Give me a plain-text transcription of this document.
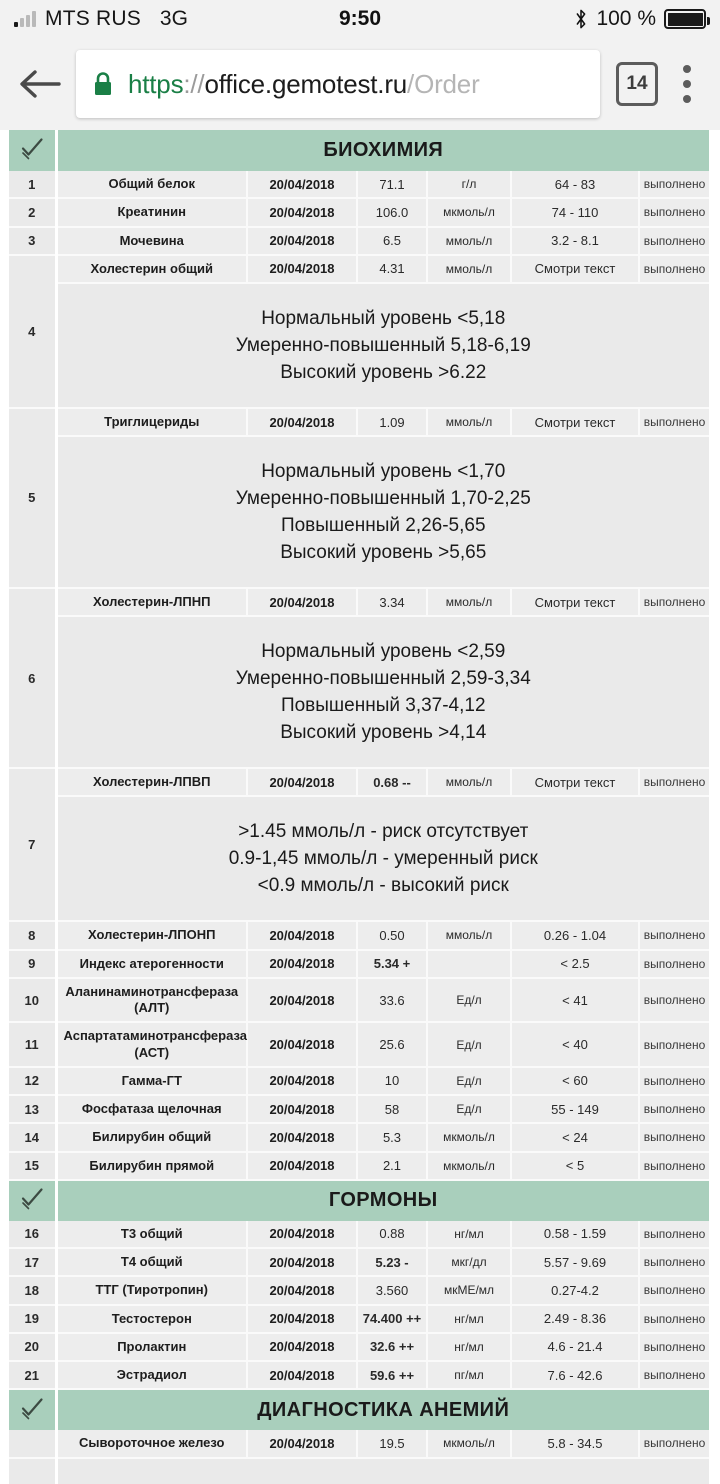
MTS RUS 3G	9:50	100 %
https://office.gemotest.ru/Order	14
	БИОХИМИЯ					
1	Общий белок	20/04/2018	71.1	г/л	64 - 83	выполнено
2	Креатинин	20/04/2018	106.0	мкмоль/л	74 - 110	выполнено
3	Мочевина	20/04/2018	6.5	ммоль/л	3.2 - 8.1	выполнено
4	Холестерин общий	20/04/2018	4.31	ммоль/л	Смотри текст	выполнено

	Нормальный уровень <5,18
Умеренно-повышенный 5,18-6,19
Высокий уровень >6.22					

5	Триглицериды	20/04/2018	1.09	ммоль/л	Смотри текст	выполнено

	Нормальный уровень <1,70
Умеренно-повышенный 1,70-2,25
Повышенный 2,26-5,65
Высокий уровень >5,65					

6	Холестерин-ЛПНП	20/04/2018	3.34	ммоль/л	Смотри текст	выполнено

	Нормальный уровень <2,59
Умеренно-повышенный 2,59-3,34
Повышенный 3,37-4,12
Высокий уровень >4,14					

7	Холестерин-ЛПВП	20/04/2018	0.68 --	ммоль/л	Смотри текст	выполнено

	>1.45 ммоль/л - риск отсутствует
0.9-1,45 ммоль/л - умеренный риск
<0.9 ммоль/л - высокий риск					

8	Холестерин-ЛПОНП	20/04/2018	0.50	ммоль/л	0.26 - 1.04	выполнено
9	Индекс атерогенности	20/04/2018	5.34 +		< 2.5	выполнено
10	Аланинаминотрансфераза (АЛТ)	20/04/2018	33.6	Ед/л	< 41	выполнено
11	Аспартатаминотрансфераза (АСТ)	20/04/2018	25.6	Ед/л	< 40	выполнено
12	Гамма-ГТ	20/04/2018	10	Ед/л	< 60	выполнено
13	Фосфатаза щелочная	20/04/2018	58	Ед/л	55 - 149	выполнено
14	Билирубин общий	20/04/2018	5.3	мкмоль/л	< 24	выполнено
15	Билирубин прямой	20/04/2018	2.1	мкмоль/л	< 5	выполнено
	ГОРМОНЫ					
16	Т3 общий	20/04/2018	0.88	нг/мл	0.58 - 1.59	выполнено
17	Т4 общий	20/04/2018	5.23 -	мкг/дл	5.57 - 9.69	выполнено
18	ТТГ (Тиротропин)	20/04/2018	3.560	мкМЕ/мл	0.27-4.2	выполнено
19	Тестостерон	20/04/2018	74.400 ++	нг/мл	2.49 - 8.36	выполнено
20	Пролактин	20/04/2018	32.6 ++	нг/мл	4.6 - 21.4	выполнено
21	Эстрадиол	20/04/2018	59.6 ++	пг/мл	7.6 - 42.6	выполнено
	ДИАГНОСТИКА АНЕМИЙ					
	Сывороточное железо	20/04/2018	19.5	мкмоль/л	5.8 - 34.5	выполнено
